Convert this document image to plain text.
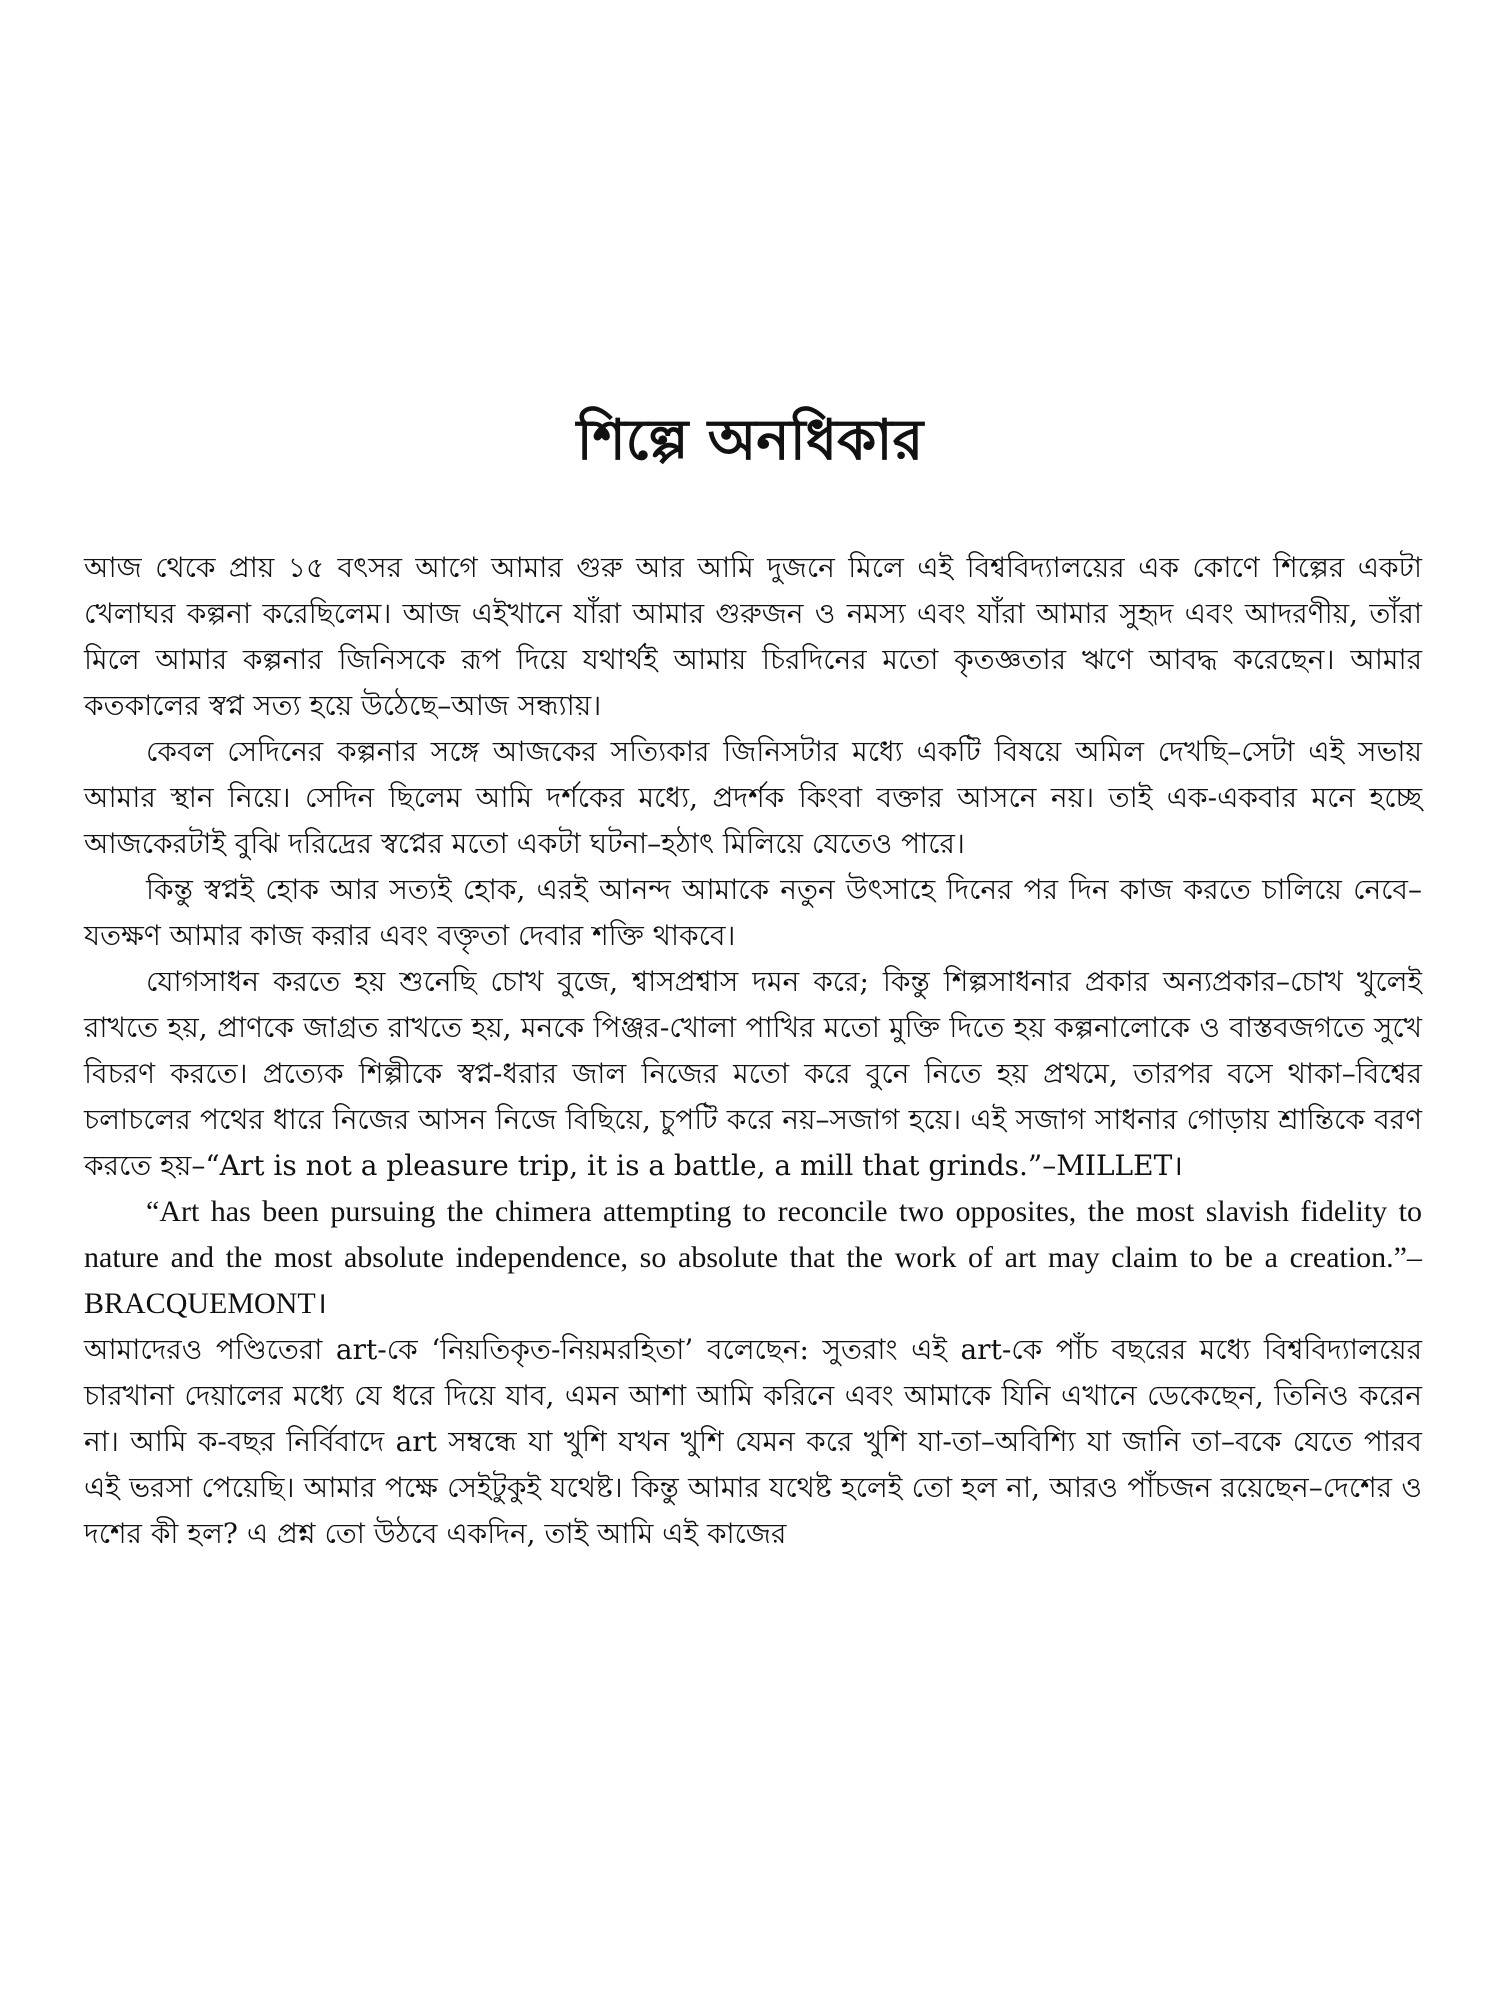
শিল্পে অনধিকার

আজ থেকে প্রায় ১৫ বৎসর আগে আমার গুরু আর আমি দুজনে মিলে এই বিশ্ববিদ্যালয়ের এক কোণে শিল্পের একটা খেলাঘর কল্পনা করেছিলেম। আজ এইখানে যাঁরা আমার গুরুজন ও নমস্য এবং যাঁরা আমার সুহৃদ এবং আদরণীয়, তাঁরা মিলে আমার কল্পনার জিনিসকে রূপ দিয়ে যথার্থই আমায় চিরদিনের মতো কৃতজ্ঞতার ঋণে আবদ্ধ করেছেন। আমার কতকালের স্বপ্ন সত্য হয়ে উঠেছে–আজ সন্ধ্যায়।

কেবল সেদিনের কল্পনার সঙ্গে আজকের সত্যিকার জিনিসটার মধ্যে একটি বিষয়ে অমিল দেখছি–সেটা এই সভায় আমার স্থান নিয়ে। সেদিন ছিলেম আমি দর্শকের মধ্যে, প্রদর্শক কিংবা বক্তার আসনে নয়। তাই এক-একবার মনে হচ্ছে আজকেরটাই বুঝি দরিদ্রের স্বপ্নের মতো একটা ঘটনা–হঠাৎ মিলিয়ে যেতেও পারে।

কিন্তু স্বপ্নই হোক আর সত্যই হোক, এরই আনন্দ আমাকে নতুন উৎসাহে দিনের পর দিন কাজ করতে চালিয়ে নেবে–যতক্ষণ আমার কাজ করার এবং বক্তৃতা দেবার শক্তি থাকবে।

যোগসাধন করতে হয় শুনেছি চোখ বুজে, শ্বাসপ্রশ্বাস দমন করে; কিন্তু শিল্পসাধনার প্রকার অন্যপ্রকার–চোখ খুলেই রাখতে হয়, প্রাণকে জাগ্রত রাখতে হয়, মনকে পিঞ্জর-খোলা পাখির মতো মুক্তি দিতে হয় কল্পনালোকে ও বাস্তবজগতে সুখে বিচরণ করতে। প্রত্যেক শিল্পীকে স্বপ্ন-ধরার জাল নিজের মতো করে বুনে নিতে হয় প্রথমে, তারপর বসে থাকা–বিশ্বের চলাচলের পথের ধারে নিজের আসন নিজে বিছিয়ে, চুপটি করে নয়–সজাগ হয়ে। এই সজাগ সাধনার গোড়ায় শ্রান্তিকে বরণ করতে হয়–“Art is not a pleasure trip, it is a battle, a mill that grinds.”–MILLET।

“Art has been pursuing the chimera attempting to reconcile two opposites, the most slavish fidelity to nature and the most absolute independence, so absolute that the work of art may claim to be a creation.”–BRACQUEMONT।

আমাদেরও পণ্ডিতেরা art-কে ‘নিয়তিকৃত-নিয়মরহিতা’ বলেছেন: সুতরাং এই art-কে পাঁচ বছরের মধ্যে বিশ্ববিদ্যালয়ের চারখানা দেয়ালের মধ্যে যে ধরে দিয়ে যাব, এমন আশা আমি করিনে এবং আমাকে যিনি এখানে ডেকেছেন, তিনিও করেন না। আমি ক-বছর নির্বিবাদে art সম্বন্ধে যা খুশি যখন খুশি যেমন করে খুশি যা-তা–অবিশ্যি যা জানি তা–বকে যেতে পারব এই ভরসা পেয়েছি। আমার পক্ষে সেইটুকুই যথেষ্ট। কিন্তু আমার যথেষ্ট হলেই তো হল না, আরও পাঁচজন রয়েছেন–দেশের ও দশের কী হল? এ প্রশ্ন তো উঠবে একদিন, তাই আমি এই কাজের
